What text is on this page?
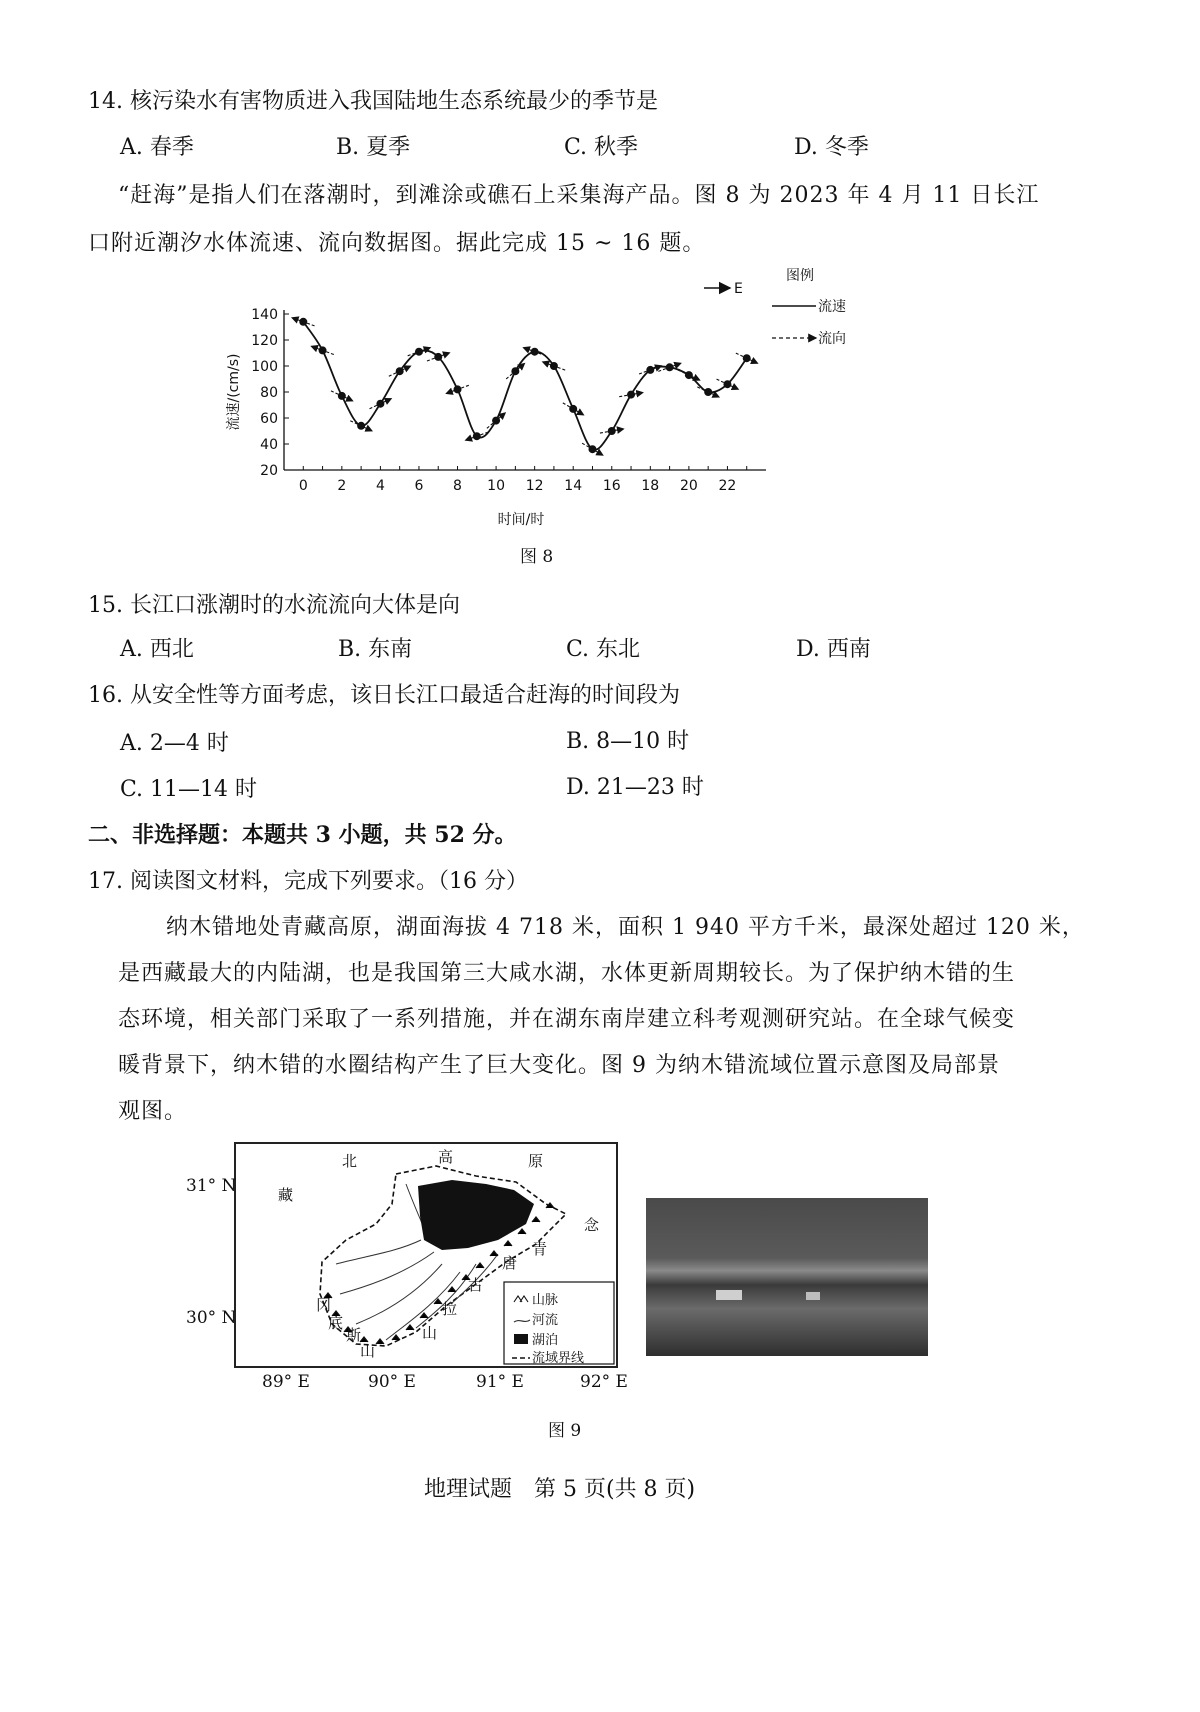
14. 核污染水有害物质进入我国陆地生态系统最少的季节是
A. 春季	B. 夏季	C. 秋季	D. 冬季
“赶海”是指人们在落潮时，到滩涂或礁石上采集海产品。图 8 为 2023 年 4 月 11 日长江
口附近潮汐水体流速、流向数据图。据此完成 15 ~ 16 题。
20
40
60
80
100
120
140
0 2 4 6 8 10 12 14 16 18 20 22
时间/时
流速/(cm/s)
E
图例
流速
流向
图 8
15. 长江口涨潮时的水流流向大体是向
A. 西北	B. 东南	C. 东北	D. 西南
16. 从安全性等方面考虑，该日长江口最适合赶海的时间段为
A. 2—4 时	B. 8—10 时
C. 11—14 时	D. 21—23 时
二、非选择题：本题共 3 小题，共 52 分。
17. 阅读图文材料，完成下列要求。（16 分）
纳木错地处青藏高原，湖面海拔 4 718 米，面积 1 940 平方千米，最深处超过 120 米，
是西藏最大的内陆湖，也是我国第三大咸水湖，水体更新周期较长。为了保护纳木错的生
态环境，相关部门采取了一系列措施，并在湖东南岸建立科考观测研究站。在全球气候变
暖背景下，纳木错的水圈结构产生了巨大变化。图 9 为纳木错流域位置示意图及局部景
观图。
北	高	原
藏
念
青
唐
古
拉
山
冈
底
斯
山
山脉
河流
湖泊
流域界线
31° N
30° N
89° E	90° E	91° E	92° E
图 9
地理试题　第 5 页(共 8 页)
